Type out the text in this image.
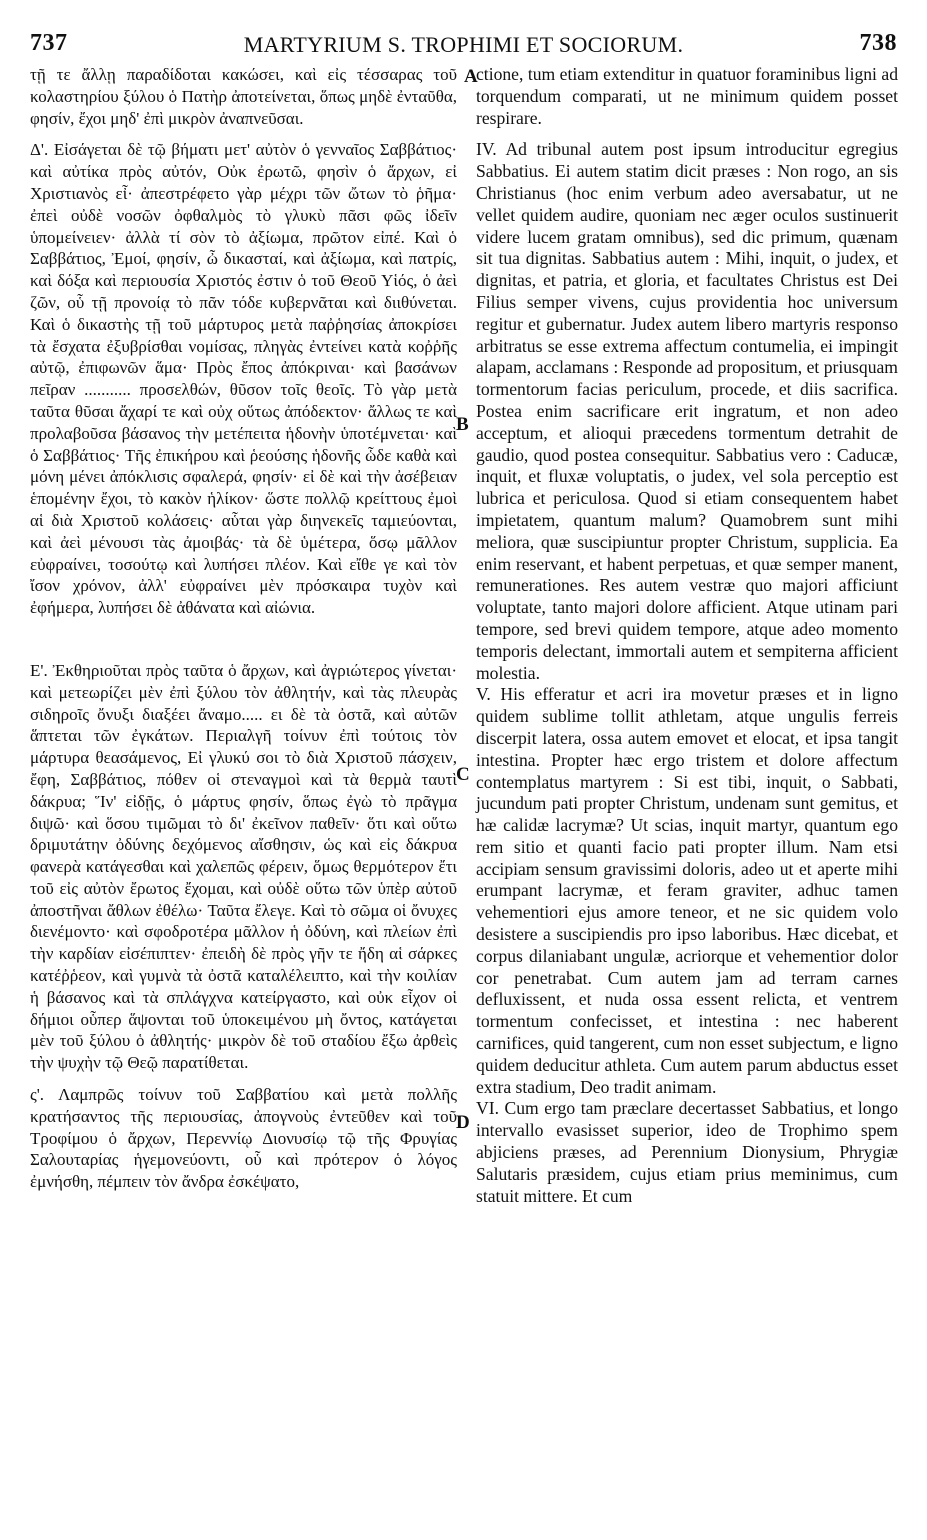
737	MARTYRIUM S. TROPHIMI ET SOCIORUM.	738

τῇ τε ἄλλῃ παραδίδοται κακώσει, καὶ εἰς τέσσαρας τοῦ κολαστηρίου ξύλου ὁ Πατὴρ ἀποτείνεται, ὅπως μηδὲ ἐνταῦθα, φησίν, ἔχοι μηδ' ἐπὶ μικρὸν ἀναπνεῦσαι.

Δ'. Εἰσάγεται δὲ τῷ βήματι μετ' αὐτὸν ὁ γενναῖος Σαββάτιος· καὶ αὐτίκα πρὸς αὐτόν, Οὐκ ἐρωτῶ, φησὶν ὁ ἄρχων, εἰ Χριστιανὸς εἶ· ἀπεστρέφετο γὰρ μέχρι τῶν ὤτων τὸ ῥῆμα· ἐπεὶ οὐδὲ νοσῶν ὀφθαλμὸς τὸ γλυκὺ πᾶσι φῶς ἰδεῖν ὑπομείνειεν· ἀλλὰ τί σὸν τὸ ἀξίωμα, πρῶτον εἰπέ. Καὶ ὁ Σαββάτιος, Ἐμοί, φησίν, ὦ δικασταί, καὶ ἀξίωμα, καὶ πατρίς, καὶ δόξα καὶ περιουσία Χριστός ἐστιν ὁ τοῦ Θεοῦ Υἱός, ὁ ἀεὶ ζῶν, οὗ τῇ προνοίᾳ τὸ πᾶν τόδε κυβερνᾶται καὶ διιθύνεται. Καὶ ὁ δικαστὴς τῇ τοῦ μάρτυρος μετὰ παῤῥησίας ἀποκρίσει τὰ ἔσχατα ἐξυβρίσθαι νομίσας, πληγὰς ἐντείνει κατὰ κοῤῥῆς αὐτῷ, ἐπιφωνῶν ἅμα· Πρὸς ἔπος ἀπόκριναι· καὶ βασάνων πεῖραν ........... προσελθών, θῦσον τοῖς θεοῖς. Τὸ γὰρ μετὰ ταῦτα θῦσαι ἄχαρί τε καὶ οὐχ οὕτως ἀπόδεκτον· ἄλλως τε καὶ προλαβοῦσα βάσανος τὴν μετέπειτα ἡδονὴν ὑποτέμνεται· καὶ ὁ Σαββάτιος· Τῆς ἐπικήρου καὶ ῥεούσης ἡδονῆς ὧδε καθὰ καὶ μόνη μένει ἀπόκλισις σφαλερά, φησίν· εἰ δὲ καὶ τὴν ἀσέβειαν ἑπομένην ἔχοι, τὸ κακὸν ἡλίκον· ὥστε πολλῷ κρείττους ἐμοὶ αἱ διὰ Χριστοῦ κολάσεις· αὗται γὰρ διηνεκεῖς ταμιεύονται, καὶ ἀεὶ μένουσι τὰς ἀμοιβάς· τὰ δὲ ὑμέτερα, ὅσῳ μᾶλλον εὐφραίνει, τοσούτῳ καὶ λυπήσει πλέον. Καὶ εἴθε γε καὶ τὸν ἴσον χρόνον, ἀλλ' εὐφραίνει μὲν πρόσκαιρα τυχὸν καὶ ἐφήμερα, λυπήσει δὲ ἀθάνατα καὶ αἰώνια.

Ε'. Ἐκθηριοῦται πρὸς ταῦτα ὁ ἄρχων, καὶ ἀγριώτερος γίνεται· καὶ μετεωρίζει μὲν ἐπὶ ξύλου τὸν ἀθλητήν, καὶ τὰς πλευρὰς σιδηροῖς ὄνυξι διαξέει ἄναμο..... ει δὲ τὰ ὀστᾶ, καὶ αὐτῶν ἅπτεται τῶν ἐγκάτων. Περιαλγῆ τοίνυν ἐπὶ τούτοις τὸν μάρτυρα θεασάμενος, Εἰ γλυκύ σοι τὸ διὰ Χριστοῦ πάσχειν, ἔφη, Σαββάτιος, πόθεν οἱ στεναγμοὶ καὶ τὰ θερμὰ ταυτὶ δάκρυα; Ἵν' εἰδῇς, ὁ μάρτυς φησίν, ὅπως ἐγὼ τὸ πρᾶγμα διψῶ· καὶ ὅσου τιμῶμαι τὸ δι' ἐκεῖνον παθεῖν· ὅτι καὶ οὕτω δριμυτάτην ὀδύνης δεχόμενος αἴσθησιν, ὡς καὶ εἰς δάκρυα φανερὰ κατάγεσθαι καὶ χαλεπῶς φέρειν, ὅμως θερμότερον ἔτι τοῦ εἰς αὐτὸν ἔρωτος ἔχομαι, καὶ οὐδὲ οὕτω τῶν ὑπὲρ αὐτοῦ ἀποστῆναι ἄθλων ἐθέλω· Ταῦτα ἔλεγε. Καὶ τὸ σῶμα οἱ ὄνυχες διενέμοντο· καὶ σφοδροτέρα μᾶλλον ἡ ὀδύνη, καὶ πλείων ἐπὶ τὴν καρδίαν εἰσέπιπτεν· ἐπειδὴ δὲ πρὸς γῆν τε ἤδη αἱ σάρκες κατέῤῥεον, καὶ γυμνὰ τὰ ὀστᾶ καταλέλειπτο, καὶ τὴν κοιλίαν ἡ βάσανος καὶ τὰ σπλάγχνα κατείργαστο, καὶ οὐκ εἶχον οἱ δήμιοι οὗπερ ἅψονται τοῦ ὑποκειμένου μὴ ὄντος, κατάγεται μὲν τοῦ ξύλου ὁ ἀθλητής· μικρὸν δὲ τοῦ σταδίου ἔξω ἀρθεὶς τὴν ψυχὴν τῷ Θεῷ παρατίθεται.

ς'. Λαμπρῶς τοίνυν τοῦ Σαββατίου καὶ μετὰ πολλῆς κρατήσαντος τῆς περιουσίας, ἀπογνοὺς ἐντεῦθεν καὶ τοῦ Τροφίμου ὁ ἄρχων, Περεννίῳ Διονυσίῳ τῷ τῆς Φρυγίας Σαλουταρίας ἡγεμονεύοντι, οὗ καὶ πρότερον ὁ λόγος ἐμνήσθη, πέμπειν τὸν ἄνδρα ἐσκέψατο,

A
B
C
D

ctione, tum etiam extenditur in quatuor foraminibus ligni ad torquendum comparati, ut ne minimum quidem posset respirare.

IV. Ad tribunal autem post ipsum introducitur egregius Sabbatius. Ei autem statim dicit præses : Non rogo, an sis Christianus (hoc enim verbum adeo aversabatur, ut ne vellet quidem audire, quoniam nec æger oculos sustinuerit videre lucem gratam omnibus), sed dic primum, quænam sit tua dignitas. Sabbatius autem : Mihi, inquit, o judex, et dignitas, et patria, et gloria, et facultates Christus est Dei Filius semper vivens, cujus providentia hoc universum regitur et gubernatur. Judex autem libero martyris responso arbitratus se esse extrema affectum contumelia, ei impingit alapam, acclamans : Responde ad propositum, et priusquam tormentorum facias periculum, procede, et diis sacrifica. Postea enim sacrificare erit ingratum, et non adeo acceptum, et alioqui præcedens tormentum detrahit de gaudio, quod postea consequitur. Sabbatius vero : Caducæ, inquit, et fluxæ voluptatis, o judex, vel sola perceptio est lubrica et periculosa. Quod si etiam consequentem habet impietatem, quantum malum? Quamobrem sunt mihi meliora, quæ suscipiuntur propter Christum, supplicia. Ea enim reservant, et habent perpetuas, et quæ semper manent, remunerationes. Res autem vestræ quo majori afficiunt voluptate, tanto majori dolore afficient. Atque utinam pari tempore, sed brevi quidem tempore, atque adeo momento temporis delectant, immortali autem et sempiterna afficient molestia.

V. His efferatur et acri ira movetur præses et in ligno quidem sublime tollit athletam, atque ungulis ferreis discerpit latera, ossa autem emovet et elocat, et ipsa tangit intestina. Propter hæc ergo tristem et dolore affectum contemplatus martyrem : Si est tibi, inquit, o Sabbati, jucundum pati propter Christum, undenam sunt gemitus, et hæ calidæ lacrymæ? Ut scias, inquit martyr, quantum ego rem sitio et quanti facio pati propter illum. Nam etsi accipiam sensum gravissimi doloris, adeo ut et aperte mihi erumpant lacrymæ, et feram graviter, adhuc tamen vehementiori ejus amore teneor, et ne sic quidem volo desistere a suscipiendis pro ipso laboribus. Hæc dicebat, et corpus dilaniabant ungulæ, acriorque et vehementior dolor cor penetrabat. Cum autem jam ad terram carnes defluxissent, et nuda ossa essent relicta, et ventrem tormentum confecisset, et intestina : nec haberent carnifices, quid tangerent, cum non esset subjectum, e ligno quidem deducitur athleta. Cum autem parum abductus esset extra stadium, Deo tradit animam.

VI. Cum ergo tam præclare decertasset Sabbatius, et longo intervallo evasisset superior, ideo de Trophimo spem abjiciens præses, ad Perennium Dionysium, Phrygiæ Salutaris præsidem, cujus etiam prius meminimus, cum statuit mittere. Et cum
